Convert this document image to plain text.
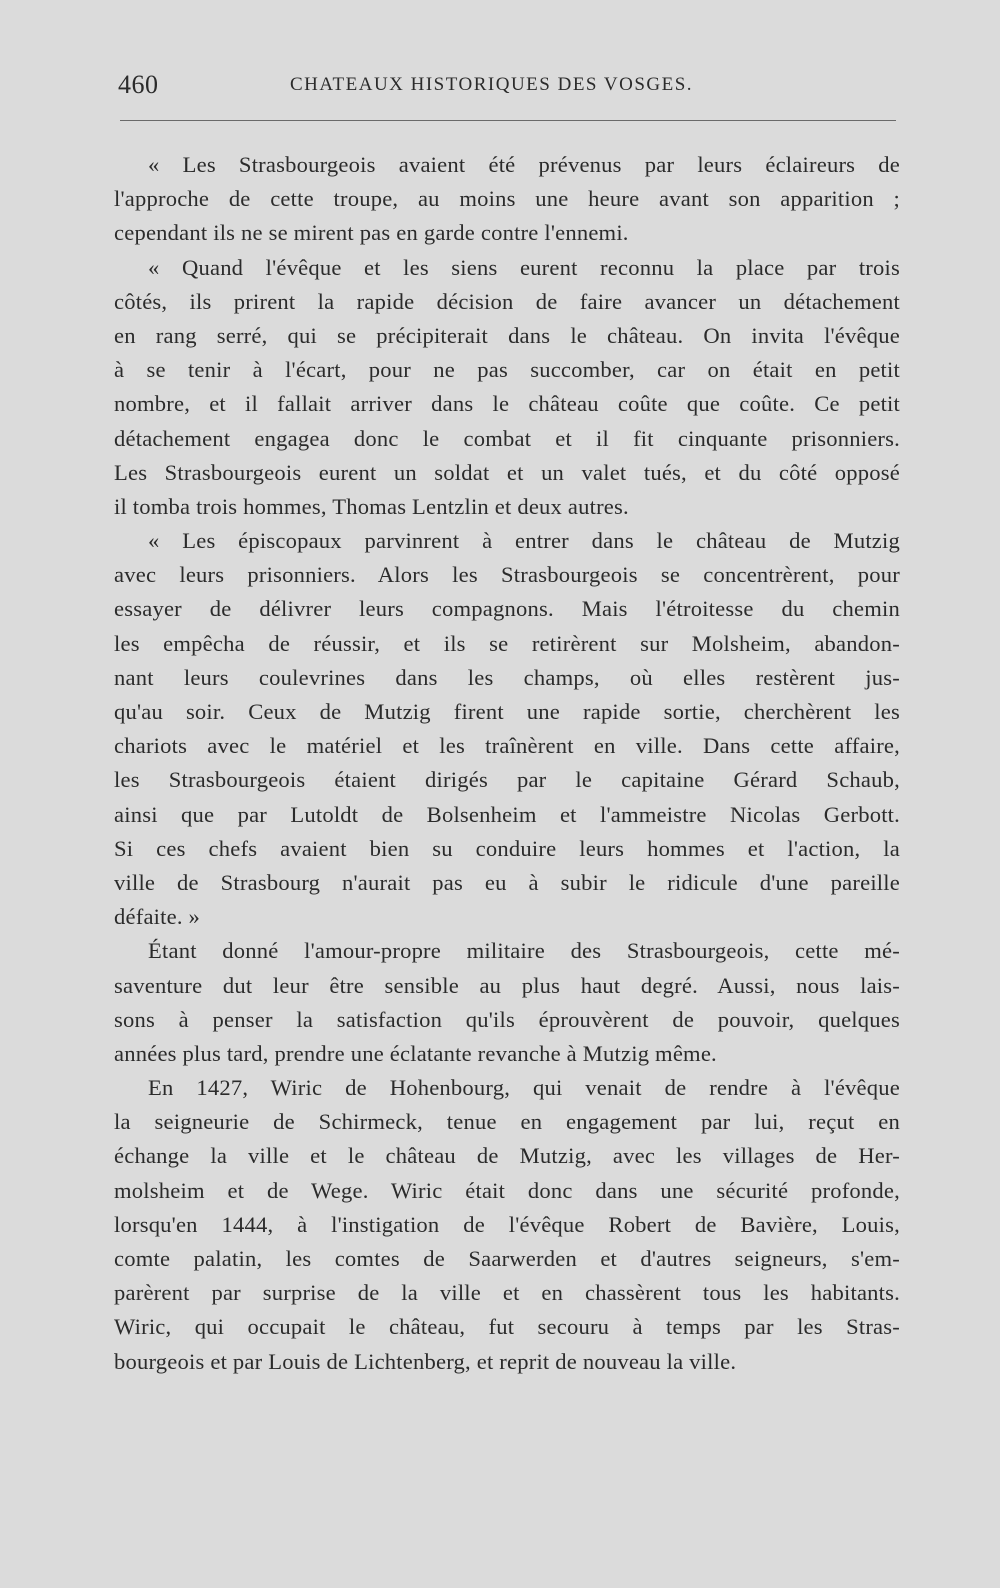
460	CHATEAUX HISTORIQUES DES VOSGES.
« Les Strasbourgeois avaient été prévenus par leurs éclaireurs de
l'approche de cette troupe, au moins une heure avant son apparition ;
cependant ils ne se mirent pas en garde contre l'ennemi.
« Quand l'évêque et les siens eurent reconnu la place par trois
côtés, ils prirent la rapide décision de faire avancer un détachement
en rang serré, qui se précipiterait dans le château. On invita l'évêque
à se tenir à l'écart, pour ne pas succomber, car on était en petit
nombre, et il fallait arriver dans le château coûte que coûte. Ce petit
détachement engagea donc le combat et il fit cinquante prisonniers.
Les Strasbourgeois eurent un soldat et un valet tués, et du côté opposé
il tomba trois hommes, Thomas Lentzlin et deux autres.
« Les épiscopaux parvinrent à entrer dans le château de Mutzig
avec leurs prisonniers. Alors les Strasbourgeois se concentrèrent, pour
essayer de délivrer leurs compagnons. Mais l'étroitesse du chemin
les empêcha de réussir, et ils se retirèrent sur Molsheim, abandon-
nant leurs coulevrines dans les champs, où elles restèrent jus-
qu'au soir. Ceux de Mutzig firent une rapide sortie, cherchèrent les
chariots avec le matériel et les traînèrent en ville. Dans cette affaire,
les Strasbourgeois étaient dirigés par le capitaine Gérard Schaub,
ainsi que par Lutoldt de Bolsenheim et l'ammeistre Nicolas Gerbott.
Si ces chefs avaient bien su conduire leurs hommes et l'action, la
ville de Strasbourg n'aurait pas eu à subir le ridicule d'une pareille
défaite. »
Étant donné l'amour-propre militaire des Strasbourgeois, cette mé-
saventure dut leur être sensible au plus haut degré. Aussi, nous lais-
sons à penser la satisfaction qu'ils éprouvèrent de pouvoir, quelques
années plus tard, prendre une éclatante revanche à Mutzig même.
En 1427, Wiric de Hohenbourg, qui venait de rendre à l'évêque
la seigneurie de Schirmeck, tenue en engagement par lui, reçut en
échange la ville et le château de Mutzig, avec les villages de Her-
molsheim et de Wege. Wiric était donc dans une sécurité profonde,
lorsqu'en 1444, à l'instigation de l'évêque Robert de Bavière, Louis,
comte palatin, les comtes de Saarwerden et d'autres seigneurs, s'em-
parèrent par surprise de la ville et en chassèrent tous les habitants.
Wiric, qui occupait le château, fut secouru à temps par les Stras-
bourgeois et par Louis de Lichtenberg, et reprit de nouveau la ville.
